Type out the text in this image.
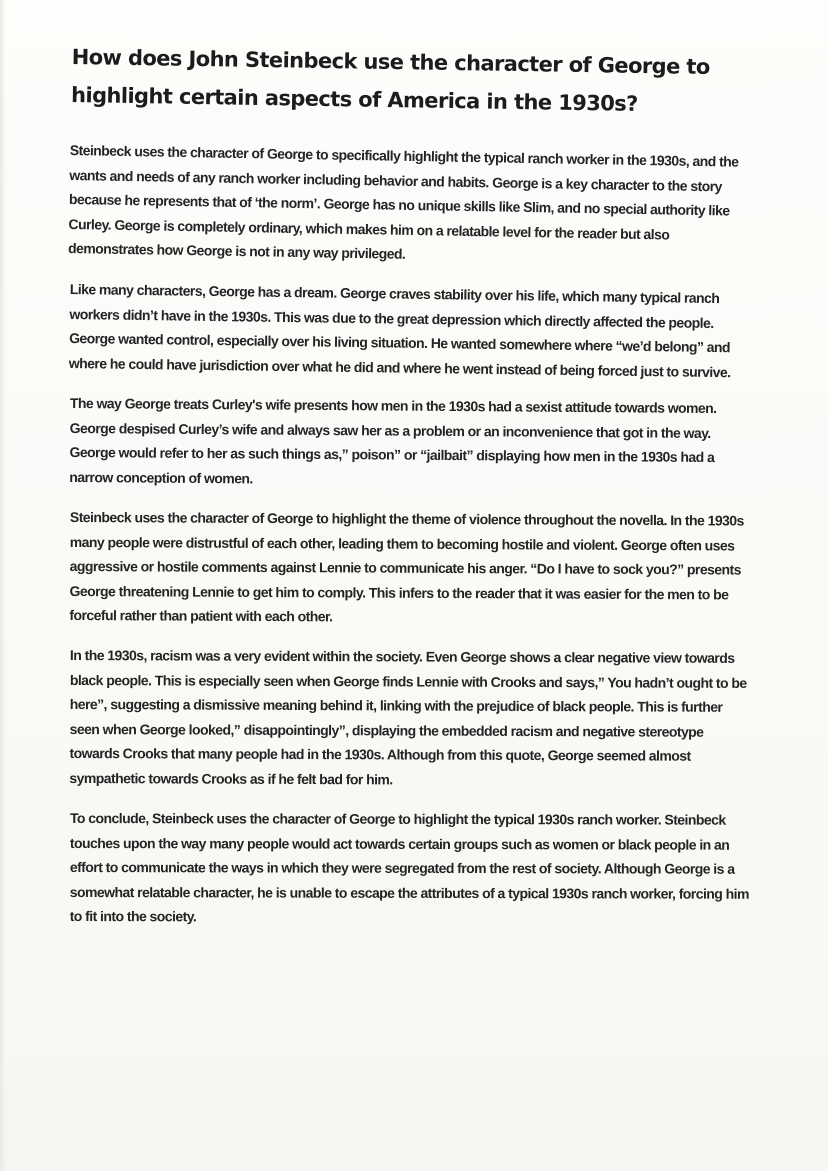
How does John Steinbeck use the character of George to highlight certain aspects of America in the 1930s?

Steinbeck uses the character of George to specifically highlight the typical ranch worker in the 1930s, and the wants and needs of any ranch worker including behavior and habits. George is a key character to the story because he represents that of ‘the norm’. George has no unique skills like Slim, and no special authority like Curley. George is completely ordinary, which makes him on a relatable level for the reader but also demonstrates how George is not in any way privileged.

Like many characters, George has a dream. George craves stability over his life, which many typical ranch workers didn’t have in the 1930s. This was due to the great depression which directly affected the people. George wanted control, especially over his living situation. He wanted somewhere where “we’d belong” and where he could have jurisdiction over what he did and where he went instead of being forced just to survive.

The way George treats Curley's wife presents how men in the 1930s had a sexist attitude towards women. George despised Curley’s wife and always saw her as a problem or an inconvenience that got in the way. George would refer to her as such things as,” poison” or “jailbait” displaying how men in the 1930s had a narrow conception of women.

Steinbeck uses the character of George to highlight the theme of violence throughout the novella. In the 1930s many people were distrustful of each other, leading them to becoming hostile and violent. George often uses aggressive or hostile comments against Lennie to communicate his anger. “Do I have to sock you?” presents George threatening Lennie to get him to comply. This infers to the reader that it was easier for the men to be forceful rather than patient with each other.

In the 1930s, racism was a very evident within the society. Even George shows a clear negative view towards black people. This is especially seen when George finds Lennie with Crooks and says,” You hadn’t ought to be here”, suggesting a dismissive meaning behind it, linking with the prejudice of black people. This is further seen when George looked,” disappointingly”, displaying the embedded racism and negative stereotype towards Crooks that many people had in the 1930s. Although from this quote, George seemed almost sympathetic towards Crooks as if he felt bad for him.

To conclude, Steinbeck uses the character of George to highlight the typical 1930s ranch worker. Steinbeck touches upon the way many people would act towards certain groups such as women or black people in an effort to communicate the ways in which they were segregated from the rest of society. Although George is a somewhat relatable character, he is unable to escape the attributes of a typical 1930s ranch worker, forcing him to fit into the society.
